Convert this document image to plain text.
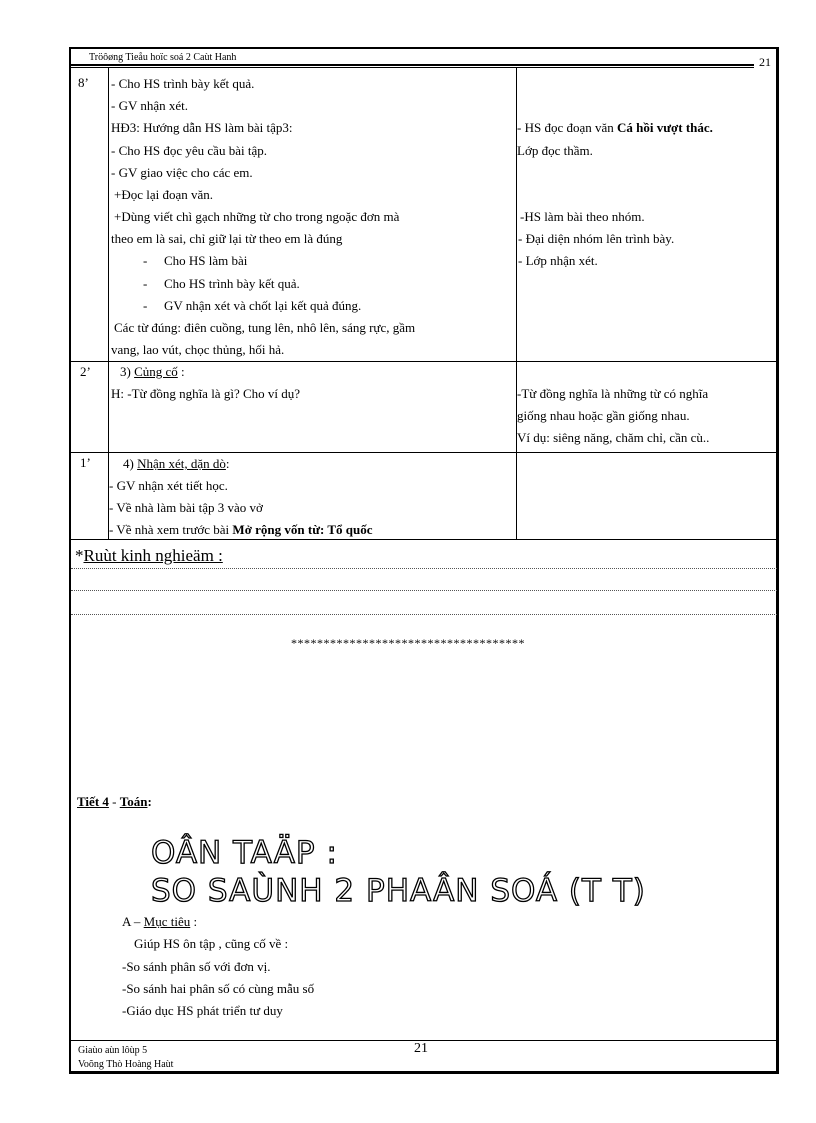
Tröôøng Tieåu hoïc soá 2 Caùt Hanh	21
8’ - Cho HS trình bày kết quả.
- GV nhận xét.
HĐ3: Hướng dẫn HS làm bài tập3:
- Cho HS đọc yêu cầu bài tập.
- GV giao việc cho các em.
+Đọc lại đoạn văn.
+Dùng viết chì gạch những từ cho trong ngoặc đơn mà
theo em là sai, chỉ giữ lại từ theo em là đúng
- Cho HS làm bài
- Cho HS trình bày kết quả.
- GV nhận xét và chốt lại kết quả đúng.
Các từ đúng: điên cuồng, tung lên, nhô lên, sáng rực, gầm
vang, lao vút, chọc thủng, hối hả.
- HS đọc đoạn văn Cá hồi vượt thác.
Lớp đọc thầm.
-HS làm bài theo nhóm.
- Đại diện nhóm lên trình bày.
- Lớp nhận xét.
2’ 3) Củng cố :
H: -Từ đồng nghĩa là gì? Cho ví dụ?	-Từ đồng nghĩa là những từ có nghĩa
giống nhau hoặc gần giống nhau.
Ví dụ: siêng năng, chăm chỉ, cần cù..
1’ 4) Nhận xét, dặn dò:
- GV nhận xét tiết học.
- Về nhà làm bài tập 3 vào vở
- Về nhà xem trước bài Mở rộng vốn từ: Tổ quốc
*Ruùt kinh nghieäm :
************************************
Tiết 4 - Toán:
OÂN TAÄP :
SO SAÙNH 2 PHAÂN SOÁ (T T)
A – Mục tiêu :
Giúp HS ôn tập , cũng cố về :
-So sánh phân số với đơn vị.
-So sánh hai phân số có cùng mẫu số
-Giáo dục HS phát triển tư duy
Giaùo aùn lôùp 5
Voõng Thò Hoàng Haùt
21
